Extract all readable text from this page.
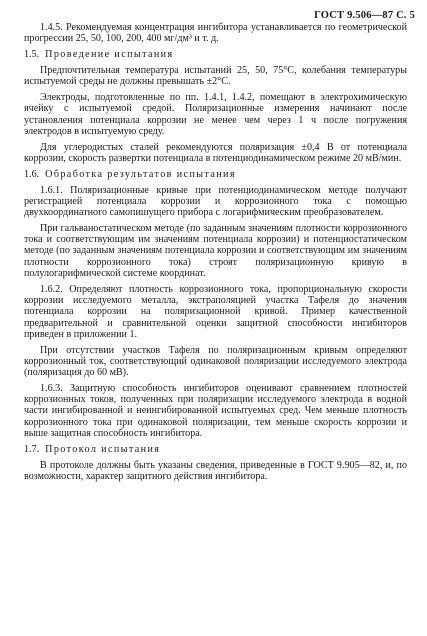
ГОСТ 9.506—87 С. 5

1.4.5. Рекомендуемая концентрация ингибитора устанавливается по геометрической прогрессии 25, 50, 100, 200, 400 мг/дм³ и т. д.

1.5. Проведение испытания

Предпочтительная температура испытаний 25, 50, 75°С, колебания температуры испытуемой среды не должны превышать ±2°С.

Электроды, подготовленные по пп. 1.4.1, 1.4.2, помещают в электрохимическую ячейку с испытуемой средой. Поляризационные измерения начинают после установления потенциала коррозии не менее чем через 1 ч после погружения электродов в испытуемую среду.

Для углеродистых сталей рекомендуются поляризация ±0,4 В от потенциала коррозии, скорость развертки потенциала в потенциодинамическом режиме 20 мВ/мин.

1.6. Обработка результатов испытания

1.6.1. Поляризационные кривые при потенциодинамическом методе получают регистрацией потенциала коррозии и коррозионного тока с помощью двухкоординатного самопишущего прибора с логарифмическим преобразователем.

При гальваностатическом методе (по заданным значениям плотности коррозионного тока и соответствующим им значениям потенциала коррозии) и потенциостатическом методе (по заданным значениям потенциала коррозии и соответствующим им значениям плотности коррозионного тока) строят поляризационную кривую в полулогарифмической системе координат.

1.6.2. Определяют плотность коррозионного тока, пропорциональную скорости коррозии исследуемого металла, экстраполяцией участка Тафеля до значения потенциала коррозии на поляризационной кривой. Пример качественной предварительной и сравнительной оценки защитной способности ингибиторов приведен в приложении 1.

При отсутствии участков Тафеля по поляризационным кривым определяют коррозионный ток, соответствующий одинаковой поляризации исследуемого электрода (поляризация до 60 мВ).

1.6.3. Защитную способность ингибиторов оценивают сравнением плотностей коррозионных токов, полученных при поляризации исследуемого электрода в водной части ингибированной и неингибированной испытуемых сред. Чем меньше плотность коррозионного тока при одинаковой поляризации, тем меньше скорость коррозии и выше защитная способность ингибитора.

1.7. Протокол испытания

В протоколе должны быть указаны сведения, приведенные в ГОСТ 9.905—82, и, по возможности, характер защитного действия ингибитора.
